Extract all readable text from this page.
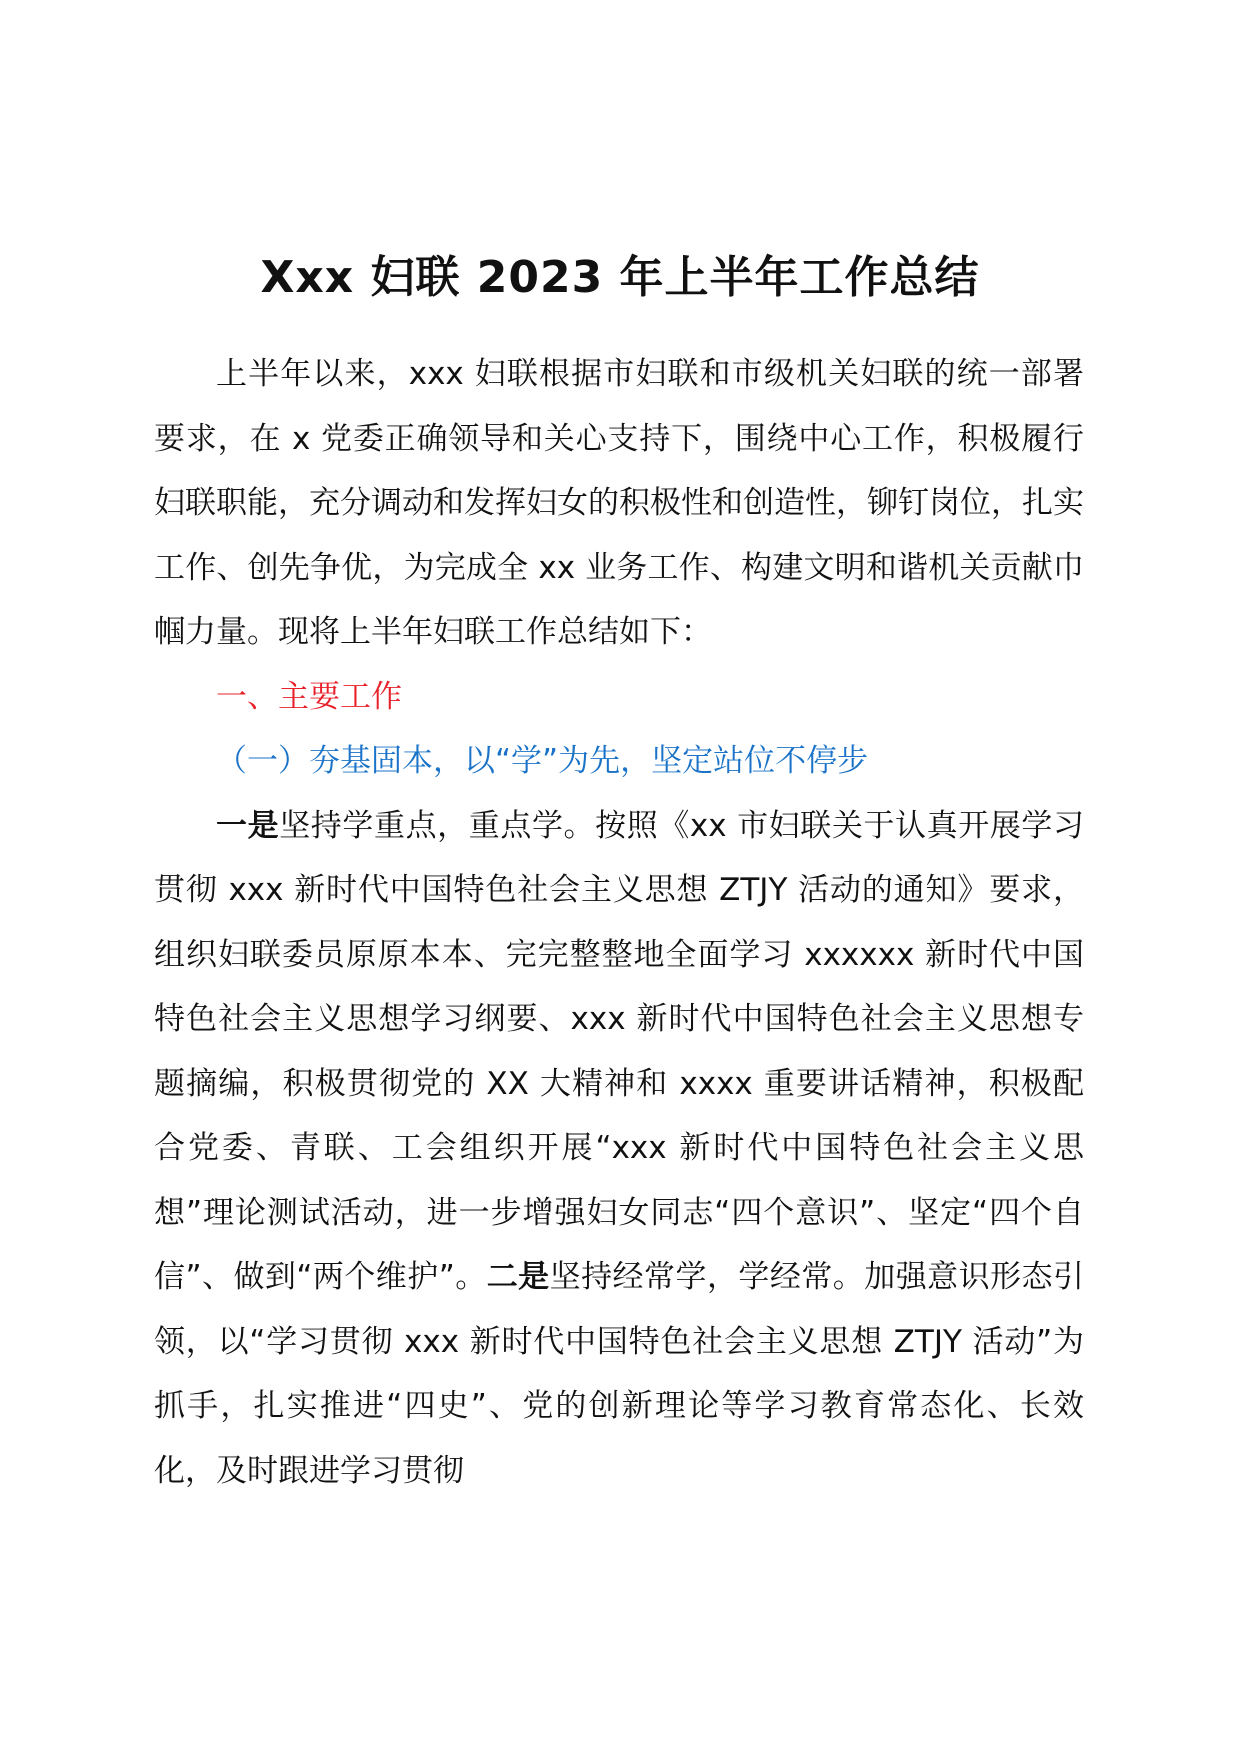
Xxx 妇联 2023 年上半年工作总结

上半年以来，xxx 妇联根据市妇联和市级机关妇联的统一部署要求，在 x 党委正确领导和关心支持下，围绕中心工作，积极履行妇联职能，充分调动和发挥妇女的积极性和创造性，铆钉岗位，扎实工作、创先争优，为完成全 xx 业务工作、构建文明和谐机关贡献巾帼力量。现将上半年妇联工作总结如下：

一、主要工作

（一）夯基固本，以“学”为先，坚定站位不停步

一是坚持学重点，重点学。按照《xx 市妇联关于认真开展学习贯彻 xxx 新时代中国特色社会主义思想 ZTJY 活动的通知》要求，组织妇联委员原原本本、完完整整地全面学习 xxxxxx 新时代中国特色社会主义思想学习纲要、xxx 新时代中国特色社会主义思想专题摘编，积极贯彻党的 XX 大精神和 xxxx 重要讲话精神，积极配合党委、青联、工会组织开展“xxx 新时代中国特色社会主义思想”理论测试活动，进一步增强妇女同志“四个意识”、坚定“四个自信”、做到“两个维护”。二是坚持经常学，学经常。加强意识形态引领，以“学习贯彻 xxx 新时代中国特色社会主义思想 ZTJY 活动”为抓手，扎实推进“四史”、党的创新理论等学习教育常态化、长效化，及时跟进学习贯彻
